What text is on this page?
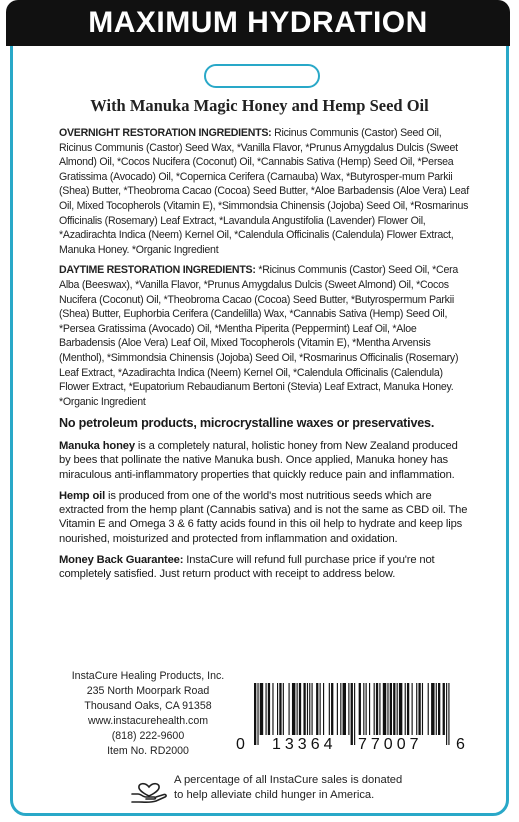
MAXIMUM HYDRATION
With Manuka Magic Honey and Hemp Seed Oil

OVERNIGHT RESTORATION INGREDIENTS: Ricinus Communis (Castor) Seed Oil, Ricinus Communis (Castor) Seed Wax, *Vanilla Flavor, *Prunus Amygdalus Dulcis (Sweet Almond) Oil, *Cocos Nucifera (Coconut) Oil, *Cannabis Sativa (Hemp) Seed Oil, *Persea Gratissima (Avocado) Oil, *Copernica Cerifera (Carnauba) Wax, *Butyrosper-mum Parkii (Shea) Butter, *Theobroma Cacao (Cocoa) Seed Butter, *Aloe Barbadensis (Aloe Vera) Leaf Oil, Mixed Tocopherols (Vitamin E), *Simmondsia Chinensis (Jojoba) Seed Oil, *Rosmarinus Officinalis (Rosemary) Leaf Extract, *Lavandula Angustifolia (Lavender) Flower Oil, *Azadirachta Indica (Neem) Kernel Oil, *Calendula Officinalis (Calendula) Flower Extract, Manuka Honey. *Organic Ingredient

DAYTIME RESTORATION INGREDIENTS: *Ricinus Communis (Castor) Seed Oil, *Cera Alba (Beeswax), *Vanilla Flavor, *Prunus Amygdalus Dulcis (Sweet Almond) Oil, *Cocos Nucifera (Coconut) Oil, *Theobroma Cacao (Cocoa) Seed Butter, *Butyrospermum Parkii (Shea) Butter, Euphorbia Cerifera (Candelilla) Wax, *Cannabis Sativa (Hemp) Seed Oil, *Persea Gratissima (Avocado) Oil, *Mentha Piperita (Peppermint) Leaf Oil, *Aloe Barbadensis (Aloe Vera) Leaf Oil, Mixed Tocopherols (Vitamin E), *Mentha Arvensis (Menthol), *Simmondsia Chinensis (Jojoba) Seed Oil, *Rosmarinus Officinalis (Rosemary) Leaf Extract, *Azadirachta Indica (Neem) Kernel Oil, *Calendula Officinalis (Calendula) Flower Extract, *Eupatorium Rebaudianum Bertoni (Stevia) Leaf Extract, Manuka Honey. *Organic Ingredient

No petroleum products, microcrystalline waxes or preservatives.

Manuka honey is a completely natural, holistic honey from New Zealand produced by bees that pollinate the native Manuka bush. Once applied, Manuka honey has miraculous anti-inflammatory properties that quickly reduce pain and inflammation.

Hemp oil is produced from one of the world's most nutritious seeds which are extracted from the hemp plant (Cannabis sativa) and is not the same as CBD oil. The Vitamin E and Omega 3 & 6 fatty acids found in this oil help to hydrate and keep lips nourished, moisturized and protected from inflammation and oxidation.

Money Back Guarantee: InstaCure will refund full purchase price if you're not completely satisfied. Just return product with receipt to address below.

InstaCure Healing Products, Inc.
235 North Moorpark Road
Thousand Oaks, CA 91358
www.instacurehealth.com
(818) 222-9600
Item No. RD2000	0 13364 77007 6
A percentage of all InstaCure sales is donated
to help alleviate child hunger in America.
